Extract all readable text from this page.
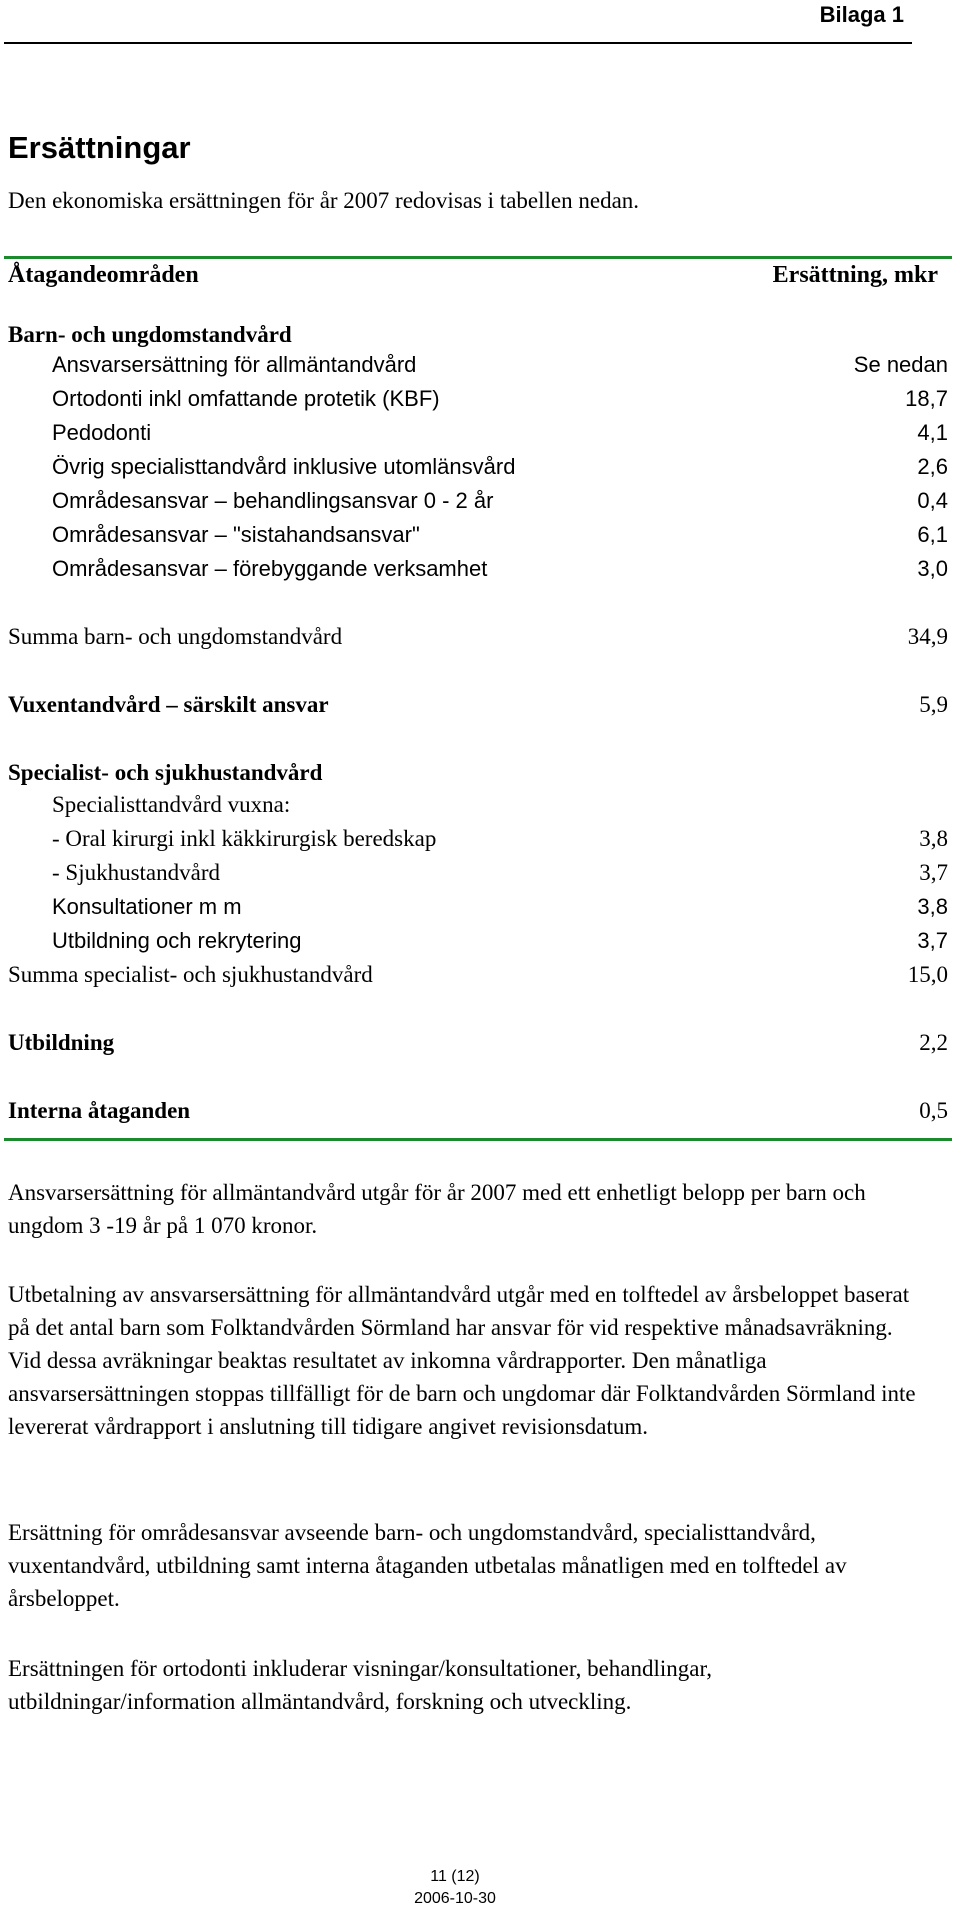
Bilaga 1
Ersättningar
Den ekonomiska ersättningen för år 2007 redovisas i tabellen nedan.
Åtagandeområden	Ersättning, mkr
Barn- och ungdomstandvård
Ansvarsersättning för allmäntandvård	Se nedan
Ortodonti inkl omfattande protetik (KBF)	18,7
Pedodonti	4,1
Övrig specialisttandvård inklusive utomlänsvård	2,6
Områdesansvar – behandlingsansvar 0 - 2 år	0,4
Områdesansvar – "sistahandsansvar"	6,1
Områdesansvar – förebyggande verksamhet	3,0
Summa barn- och ungdomstandvård	34,9
Vuxentandvård – särskilt ansvar	5,9
Specialist- och sjukhustandvård
Specialisttandvård vuxna:
- Oral kirurgi inkl käkkirurgisk beredskap	3,8
- Sjukhustandvård	3,7
Konsultationer m m	3,8
Utbildning och rekrytering	3,7
Summa specialist- och sjukhustandvård	15,0
Utbildning	2,2
Interna åtaganden	0,5
Ansvarsersättning för allmäntandvård utgår för år 2007 med ett enhetligt belopp per barn och ungdom 3 -19 år på 1 070 kronor.
Utbetalning av ansvarsersättning för allmäntandvård utgår med en tolftedel av årsbeloppet baserat på det antal barn som Folktandvården Sörmland har ansvar för vid respektive månadsavräkning. Vid dessa avräkningar beaktas resultatet av inkomna vårdrapporter. Den månatliga ansvarsersättningen stoppas tillfälligt för de barn och ungdomar där Folktandvården Sörmland inte levererat vårdrapport i anslutning till tidigare angivet revisionsdatum.
Ersättning för områdesansvar avseende barn- och ungdomstandvård, specialisttandvård, vuxentandvård, utbildning samt interna åtaganden utbetalas månatligen med en tolftedel av årsbeloppet.
Ersättningen för ortodonti inkluderar visningar/konsultationer, behandlingar, utbildningar/information allmäntandvård, forskning och utveckling.
11 (12)
2006-10-30
